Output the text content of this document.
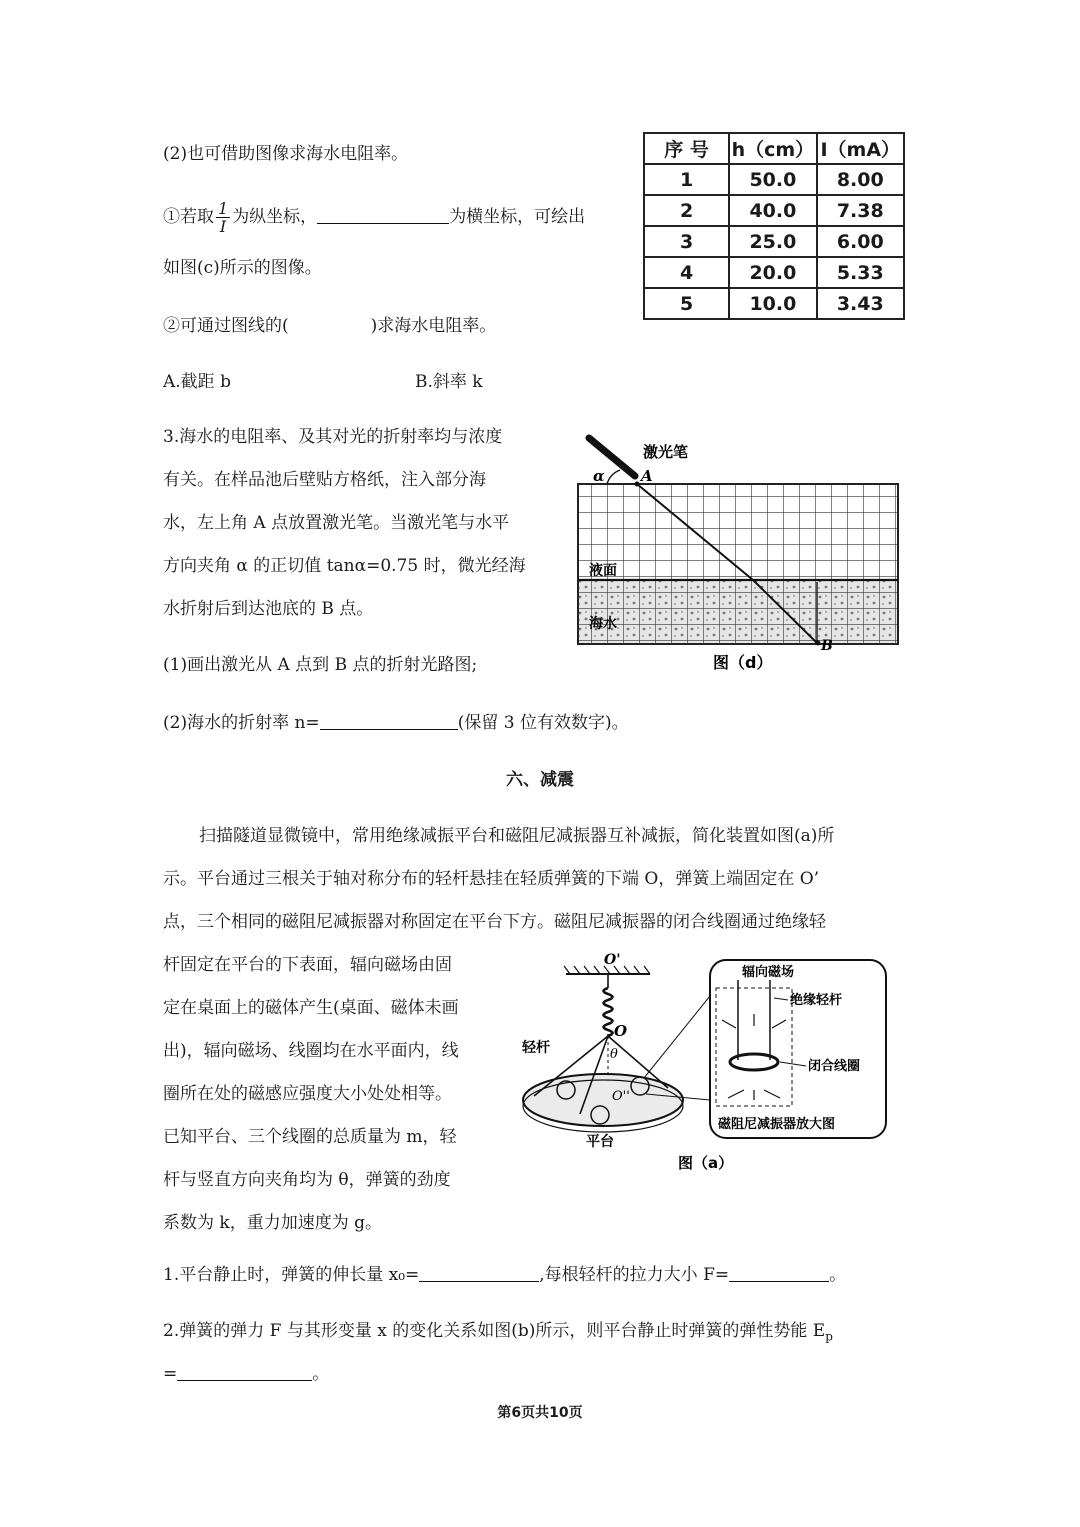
(2)也可借助图像求海水电阻率。
①若取 $\frac{1}{I}$ 为纵坐标，	为横坐标，可绘出
如图(c)所示的图像。
②可通过图线的(	)求海水电阻率。
A.截距 b	B.斜率 k
序 号	h（cm）	I（mA）
1	50.0	8.00
2	40.0	7.38
3	25.0	6.00
4	20.0	5.33
5	10.0	3.43
3.海水的电阻率、及其对光的折射率均与浓度
有关。在样品池后壁贴方格纸，注入部分海
水，左上角 A 点放置激光笔。当激光笔与水平
方向夹角 α 的正切值 tanα=0.75 时，微光经海
水折射后到达池底的 B 点。
(1)画出激光从 A 点到 B 点的折射光路图;
(2)海水的折射率 n=	(保留 3 位有效数字)。
激光笔
α A
液面
海水
B
图（d）
六、减震
扫描隧道显微镜中，常用绝缘减振平台和磁阻尼减振器互补减振，简化装置如图(a)所
示。平台通过三根关于轴对称分布的轻杆悬挂在轻质弹簧的下端 O，弹簧上端固定在 O’
点，三个相同的磁阻尼减振器对称固定在平台下方。磁阻尼减振器的闭合线圈通过绝缘轻
杆固定在平台的下表面，辐向磁场由固
定在桌面上的磁体产生(桌面、磁体未画
出)，辐向磁场、线圈均在水平面内，线
圈所在处的磁感应强度大小处处相等。
已知平台、三个线圈的总质量为 m，轻
杆与竖直方向夹角均为 θ，弹簧的劲度
系数为 k，重力加速度为 g。
O'
O
θ
O''
轻杆
平台
辐向磁场
绝缘轻杆
闭合线圈
磁阻尼减振器放大图
图（a）
1.平台静止时，弹簧的伸长量 x₀=	,每根轻杆的拉力大小 F=	。
2.弹簧的弹力 F 与其形变量 x 的变化关系如图(b)所示，则平台静止时弹簧的弹性势能 $E_p$
=	。
第6页共10页
